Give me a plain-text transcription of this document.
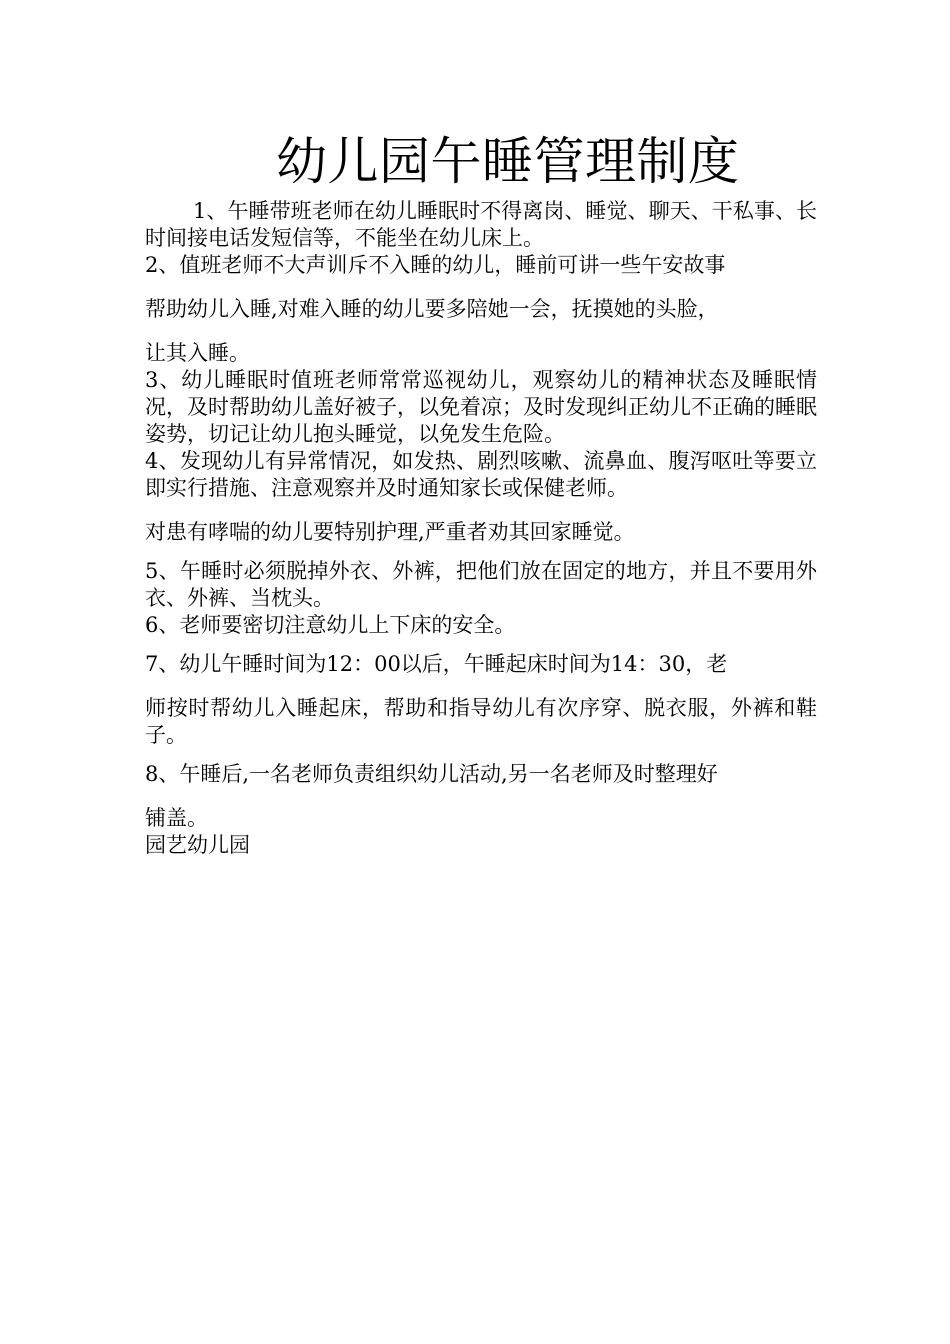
幼儿园午睡管理制度

1、午睡带班老师在幼儿睡眠时不得离岗、睡觉、聊天、干私事、长时间接电话发短信等，不能坐在幼儿床上。

2、值班老师不大声训斥不入睡的幼儿，睡前可讲一些午安故事

帮助幼儿入睡,对难入睡的幼儿要多陪她一会，抚摸她的头脸，

让其入睡。

3、幼儿睡眠时值班老师常常巡视幼儿，观察幼儿的精神状态及睡眠情况，及时帮助幼儿盖好被子，以免着凉；及时发现纠正幼儿不正确的睡眠姿势，切记让幼儿抱头睡觉，以免发生危险。

4、发现幼儿有异常情况，如发热、剧烈咳嗽、流鼻血、腹泻呕吐等要立即实行措施、注意观察并及时通知家长或保健老师。

对患有哮喘的幼儿要特别护理,严重者劝其回家睡觉。

5、午睡时必须脱掉外衣、外裤，把他们放在固定的地方，并且不要用外衣、外裤、当枕头。

6、老师要密切注意幼儿上下床的安全。

7、幼儿午睡时间为12：00以后，午睡起床时间为14：30，老

师按时帮幼儿入睡起床，帮助和指导幼儿有次序穿、脱衣服，外裤和鞋子。

8、午睡后,一名老师负责组织幼儿活动,另一名老师及时整理好

铺盖。

园艺幼儿园
